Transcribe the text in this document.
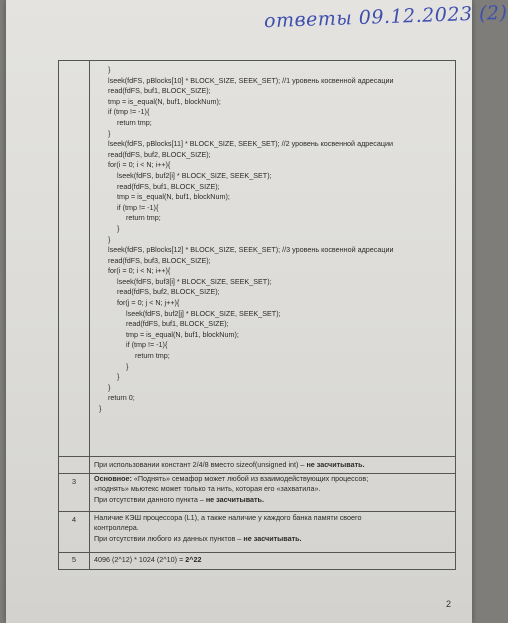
ответы 09.12.2023 (2)
}
lseek(fdFS, pBlocks[10] * BLOCK_SIZE, SEEK_SET); //1 уровень косвенной адресации
read(fdFS, buf1, BLOCK_SIZE);
tmp = is_equal(N, buf1, blockNum);
if (tmp != -1){
return tmp;
}
lseek(fdFS, pBlocks[11] * BLOCK_SIZE, SEEK_SET); //2 уровень косвенной адресации
read(fdFS, buf2, BLOCK_SIZE);
for(i = 0; i < N; i++){
lseek(fdFS, buf2[i] * BLOCK_SIZE, SEEK_SET);
read(fdFS, buf1, BLOCK_SIZE);
tmp = is_equal(N, buf1, blockNum);
if (tmp != -1){
return tmp;
}
}
lseek(fdFS, pBlocks[12] * BLOCK_SIZE, SEEK_SET); //3 уровень косвенной адресации
read(fdFS, buf3, BLOCK_SIZE);
for(i = 0; i < N; i++){
lseek(fdFS, buf3[i] * BLOCK_SIZE, SEEK_SET);
read(fdFS, buf2, BLOCK_SIZE);
for(j = 0; j < N; j++){
lseek(fdFS, buf2[j] * BLOCK_SIZE, SEEK_SET);
read(fdFS, buf1, BLOCK_SIZE);
tmp = is_equal(N, buf1, blockNum);
if (tmp != -1){
return tmp;
}
}
}
return 0;
}
При использовании констант 2/4/8 вместо sizeof(unsigned int) – не засчитывать.
3	Основное: «Поднять» семафор может любой из взаимодействующих процессов;
«поднять» мьютекс может только та нить, которая его «захватила».
При отсутствии данного пункта – не засчитывать.
4	Наличие КЭШ процессора (L1), а также наличие у каждого банка памяти своего
контроллера.
При отсутствии любого из данных пунктов – не засчитывать.
5	4096 (2^12) * 1024 (2^10) = 2^22
2
